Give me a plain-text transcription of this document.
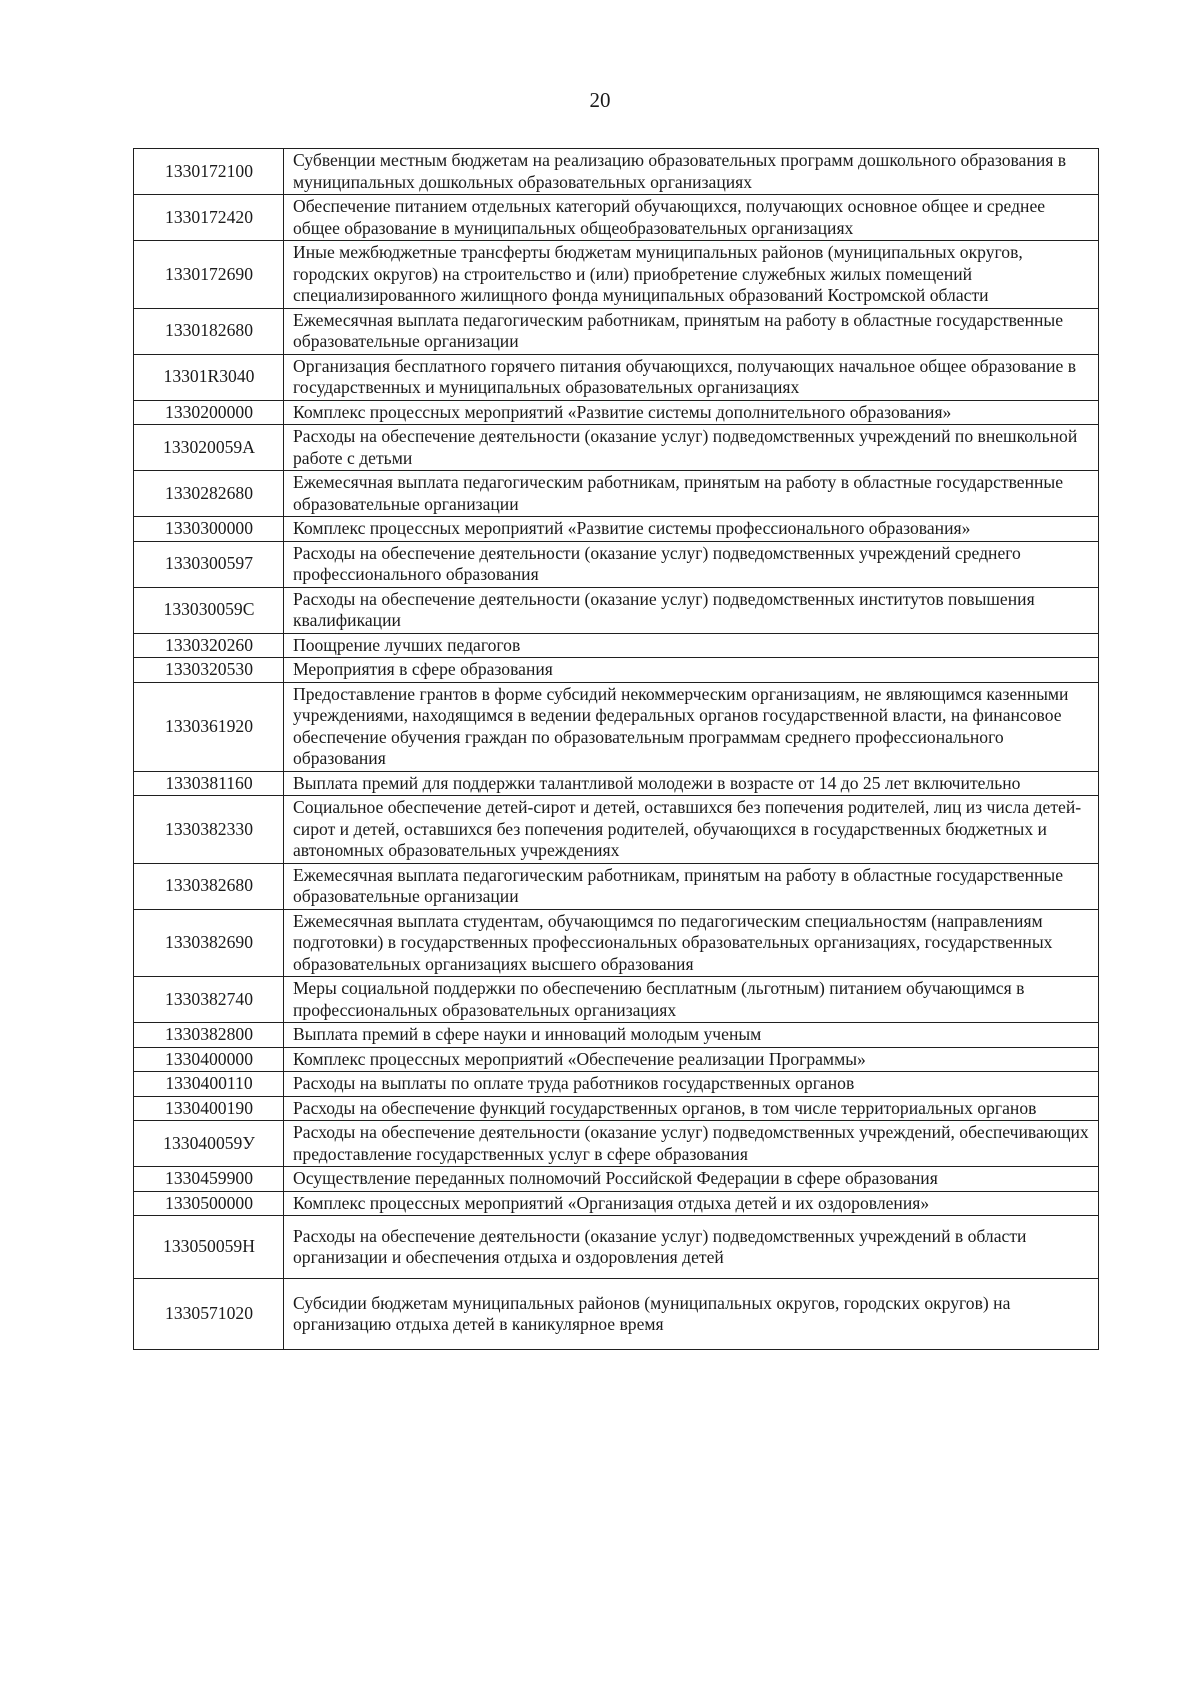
20
1330172100	Субвенции местным бюджетам на реализацию образовательных программ дошкольного образования в муниципальных дошкольных образовательных организациях
1330172420	Обеспечение питанием отдельных категорий обучающихся, получающих основное общее и среднее общее образование в муниципальных общеобразовательных организациях
1330172690	Иные межбюджетные трансферты бюджетам муниципальных районов (муниципальных округов, городских округов) на строительство и (или) приобретение служебных жилых помещений специализированного жилищного фонда муниципальных образований Костромской области
1330182680	Ежемесячная выплата педагогическим работникам, принятым на работу в областные государственные образовательные организации
13301R3040	Организация бесплатного горячего питания обучающихся, получающих начальное общее образование в государственных и муниципальных образовательных организациях
1330200000	Комплекс процессных мероприятий «Развитие системы дополнительного образования»
133020059А	Расходы на обеспечение деятельности (оказание услуг) подведомственных учреждений по внешкольной работе с детьми
1330282680	Ежемесячная выплата педагогическим работникам, принятым на работу в областные государственные образовательные организации
1330300000	Комплекс процессных мероприятий «Развитие системы профессионального образования»
1330300597	Расходы на обеспечение деятельности (оказание услуг) подведомственных учреждений среднего профессионального образования
133030059С	Расходы на обеспечение деятельности (оказание услуг) подведомственных институтов повышения квалификации
1330320260	Поощрение лучших педагогов
1330320530	Мероприятия в сфере образования
1330361920	Предоставление грантов в форме субсидий некоммерческим организациям, не являющимся казенными учреждениями, находящимся в ведении федеральных органов государственной власти, на финансовое обеспечение обучения граждан по образовательным программам среднего профессионального образования
1330381160	Выплата премий для поддержки талантливой молодежи в возрасте от 14 до 25 лет включительно
1330382330	Социальное обеспечение детей-сирот и детей, оставшихся без попечения родителей, лиц из числа детей-сирот и детей, оставшихся без попечения родителей, обучающихся в государственных бюджетных и автономных образовательных учреждениях
1330382680	Ежемесячная выплата педагогическим работникам, принятым на работу в областные государственные образовательные организации
1330382690	Ежемесячная выплата студентам, обучающимся по педагогическим специальностям (направлениям подготовки) в государственных профессиональных образовательных организациях, государственных образовательных организациях высшего образования
1330382740	Меры социальной поддержки по обеспечению бесплатным (льготным) питанием обучающимся в профессиональных образовательных организациях
1330382800	Выплата премий в сфере науки и инноваций молодым ученым
1330400000	Комплекс процессных мероприятий «Обеспечение реализации Программы»
1330400110	Расходы на выплаты по оплате труда работников государственных органов
1330400190	Расходы на обеспечение функций государственных органов, в том числе территориальных органов
133040059У	Расходы на обеспечение деятельности (оказание услуг) подведомственных учреждений, обеспечивающих предоставление государственных услуг в сфере образования
1330459900	Осуществление переданных полномочий Российской Федерации в сфере образования
1330500000	Комплекс процессных мероприятий «Организация отдыха детей и их оздоровления»
133050059Н	Расходы на обеспечение деятельности (оказание услуг) подведомственных учреждений в области организации и обеспечения отдыха и оздоровления детей
1330571020	Субсидии бюджетам муниципальных районов (муниципальных округов, городских округов) на организацию отдыха детей в каникулярное время
